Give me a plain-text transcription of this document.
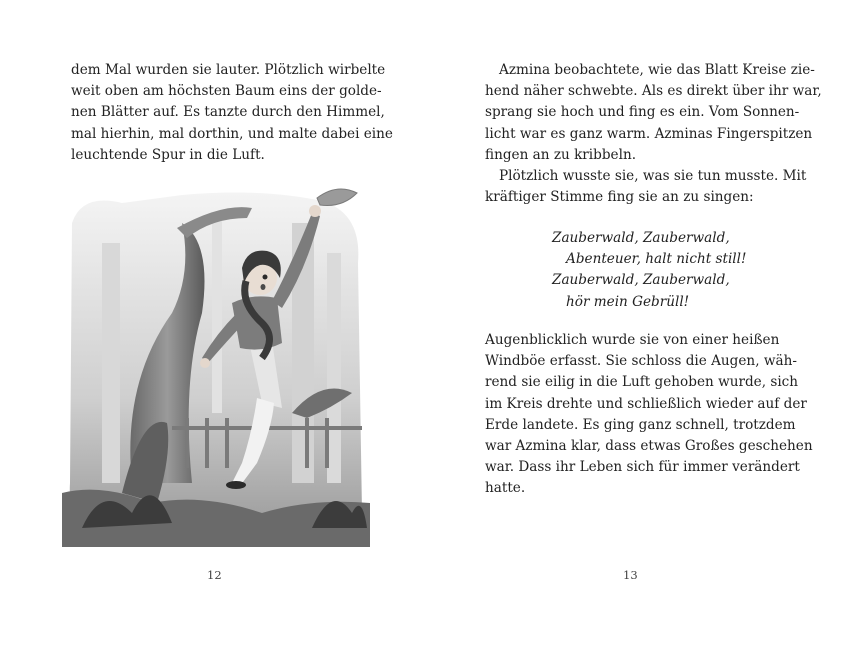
dem Mal wurden sie lauter. Plötzlich wirbelte
weit oben am höchsten Baum eins der golde-
nen Blätter auf. Es tanzte durch den Himmel,
mal hierhin, mal dorthin, und malte dabei eine
leuchtende Spur in die Luft.
12
Azmina beobachtete, wie das Blatt Kreise zie-
hend näher schwebte. Als es direkt über ihr war,
sprang sie hoch und fing es ein. Vom Sonnen-
licht war es ganz warm. Azminas Fingerspitzen
fingen an zu kribbeln.
Plötzlich wusste sie, was sie tun musste. Mit
kräftiger Stimme fing sie an zu singen:
Zauberwald, Zauberwald,
Abenteuer, halt nicht still!
Zauberwald, Zauberwald,
hör mein Gebrüll!
Augenblicklich wurde sie von einer heißen
Windböe erfasst. Sie schloss die Augen, wäh-
rend sie eilig in die Luft gehoben wurde, sich
im Kreis drehte und schließlich wieder auf der
Erde landete. Es ging ganz schnell, trotzdem
war Azmina klar, dass etwas Großes geschehen
war. Dass ihr Leben sich für immer verändert
hatte.
13
